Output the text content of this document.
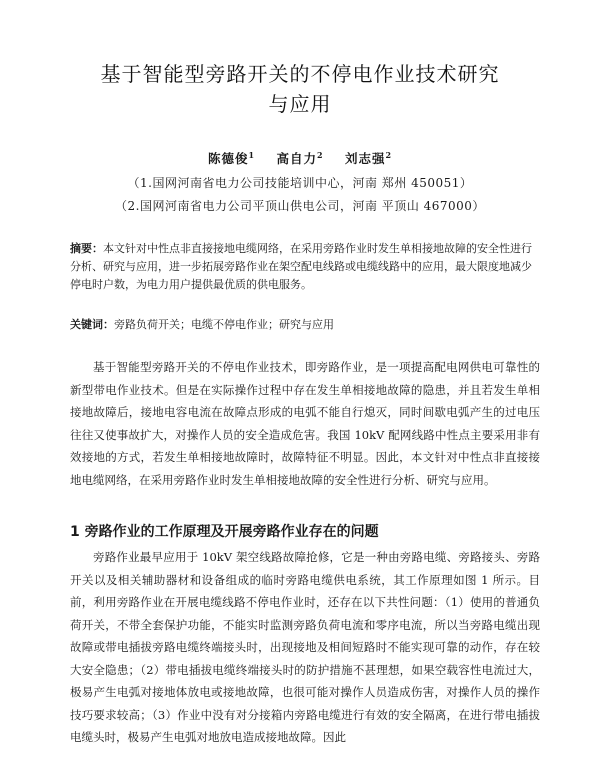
基于智能型旁路开关的不停电作业技术研究
与应用
陈德俊$^1$ 高自力$^2$ 刘志强$^2$
（1.国网河南省电力公司技能培训中心，河南 郑州 450051）
（2.国网河南省电力公司平顶山供电公司，河南 平顶山 467000）
摘要：本文针对中性点非直接接地电缆网络，在采用旁路作业时发生单相接地故障的安全性进行分析、研究与应用，进一步拓展旁路作业在架空配电线路或电缆线路中的应用，最大限度地减少停电时户数，为电力用户提供最优质的供电服务。
关键词：旁路负荷开关；电缆不停电作业；研究与应用
基于智能型旁路开关的不停电作业技术，即旁路作业，是一项提高配电网供电可靠性的新型带电作业技术。但是在实际操作过程中存在发生单相接地故障的隐患，并且若发生单相接地故障后，接地电容电流在故障点形成的电弧不能自行熄灭，同时间歇电弧产生的过电压往往又使事故扩大，对操作人员的安全造成危害。我国 10kV 配网线路中性点主要采用非有效接地的方式，若发生单相接地故障时，故障特征不明显。因此，本文针对中性点非直接接地电缆网络，在采用旁路作业时发生单相接地故障的安全性进行分析、研究与应用。
1 旁路作业的工作原理及开展旁路作业存在的问题
旁路作业最早应用于 10kV 架空线路故障抢修，它是一种由旁路电缆、旁路接头、旁路开关以及相关辅助器材和设备组成的临时旁路电缆供电系统，其工作原理如图 1 所示。目前，利用旁路作业在开展电缆线路不停电作业时，还存在以下共性问题：（1）使用的普通负荷开关，不带全套保护功能，不能实时监测旁路负荷电流和零序电流，所以当旁路电缆出现故障或带电插拔旁路电缆终端接头时，出现接地及相间短路时不能实现可靠的动作，存在较大安全隐患；（2）带电插拔电缆终端接头时的防护措施不甚理想，如果空载容性电流过大，极易产生电弧对接地体放电或接地故障，也很可能对操作人员造成伤害，对操作人员的操作技巧要求较高；（3）作业中没有对分接箱内旁路电缆进行有效的安全隔离，在进行带电插拔电缆头时，极易产生电弧对地放电造成接地故障。因此
